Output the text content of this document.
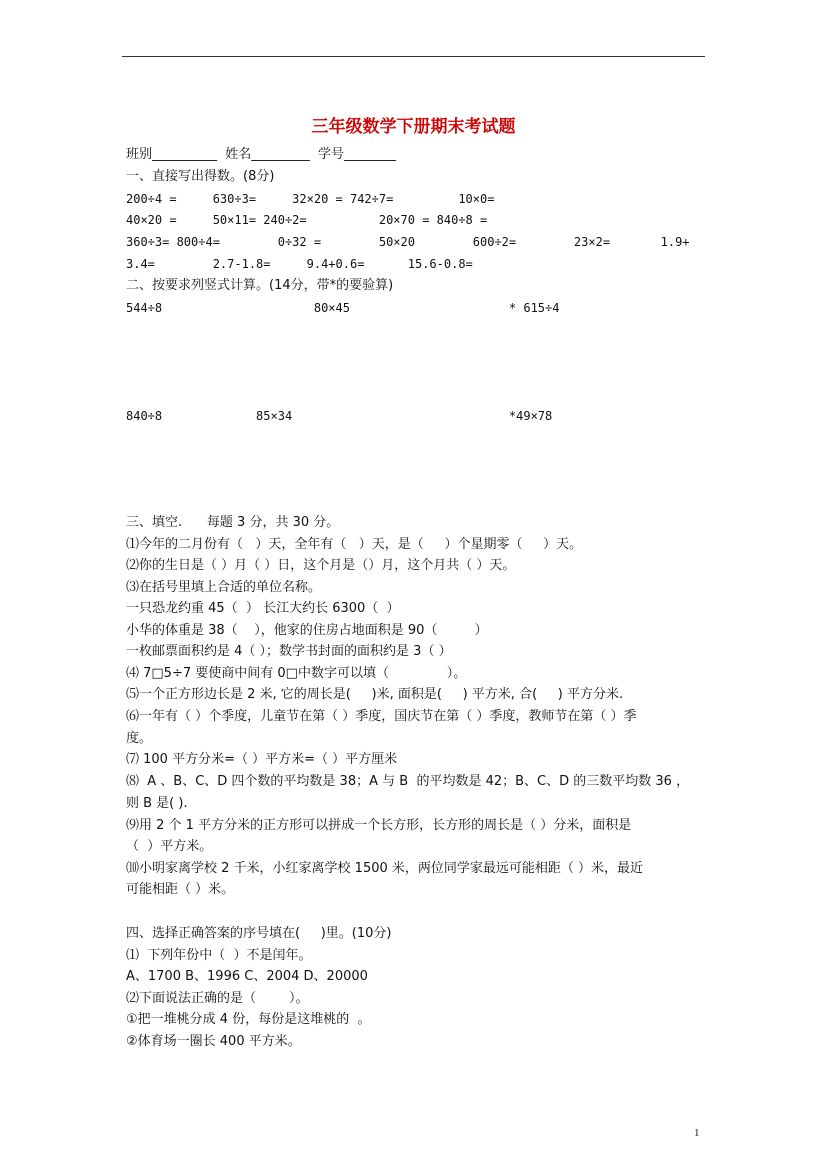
三年级数学下册期末考试题
班别__________  姓名_________  学号________
一、直接写出得数。(8分)
200÷4 =     630÷3=     32×20 = 742÷7=         10×0=
40×20 =     50×11= 240÷2=          20×70 = 840÷8 =
360÷3= 800÷4=        0÷32 =        50×20        600÷2=        23×2=       1.9+
3.4=        2.7-1.8=     9.4+0.6=      15.6-0.8=
二、按要求列竖式计算。(14分，带*的要验算)
544÷8                     80×45                      * 615÷4
840÷8             85×34                              *49×78
三、填空.      每题 3 分，共 30 分。
⑴今年的二月份有（   ）天，全年有（   ）天，是（     ）个星期零（     ）天。
⑵你的生日是（ ）月（ ）日，这个月是（）月，这个月共（ ）天。
⑶在括号里填上合适的单位名称。
一只恐龙约重 45（  ） 长江大约长 6300（  ）
小华的体重是 38（    ），他家的住房占地面积是 90（         ）
一枚邮票面积约是 4（ ）；数学书封面的面积约是 3（ ）
⑷ 7□5÷7 要使商中间有 0□中数字可以填（              ）。
⑸一个正方形边长是 2 米, 它的周长是(     )米, 面积是(     ) 平方米, 合(     ) 平方分米.
⑹一年有（ ）个季度，儿童节在第（ ）季度，国庆节在第（ ）季度，教师节在第（ ）季
度。
⑺ 100 平方分米=（ ）平方米=（ ）平方厘米
⑻  A 、B、C、D 四个数的平均数是 38；A 与 B  的平均数是 42；B、C、D 的三数平均数 36 ，
则 B 是( ).
⑼用 2 个 1 平方分米的正方形可以拼成一个长方形，长方形的周长是（ ）分米，面积是
（  ）平方米。
⑽小明家离学校 2 千米，小红家离学校 1500 米，两位同学家最远可能相距（ ）米，最近
可能相距（ ）米。
四、选择正确答案的序号填在(     )里。(10分)
⑴  下列年份中（  ）不是闰年。
A、1700 B、1996 C、2004 D、20000
⑵下面说法正确的是（        ）。
①把一堆桃分成 4 份，每份是这堆桃的  。
②体育场一圈长 400 平方米。
1
